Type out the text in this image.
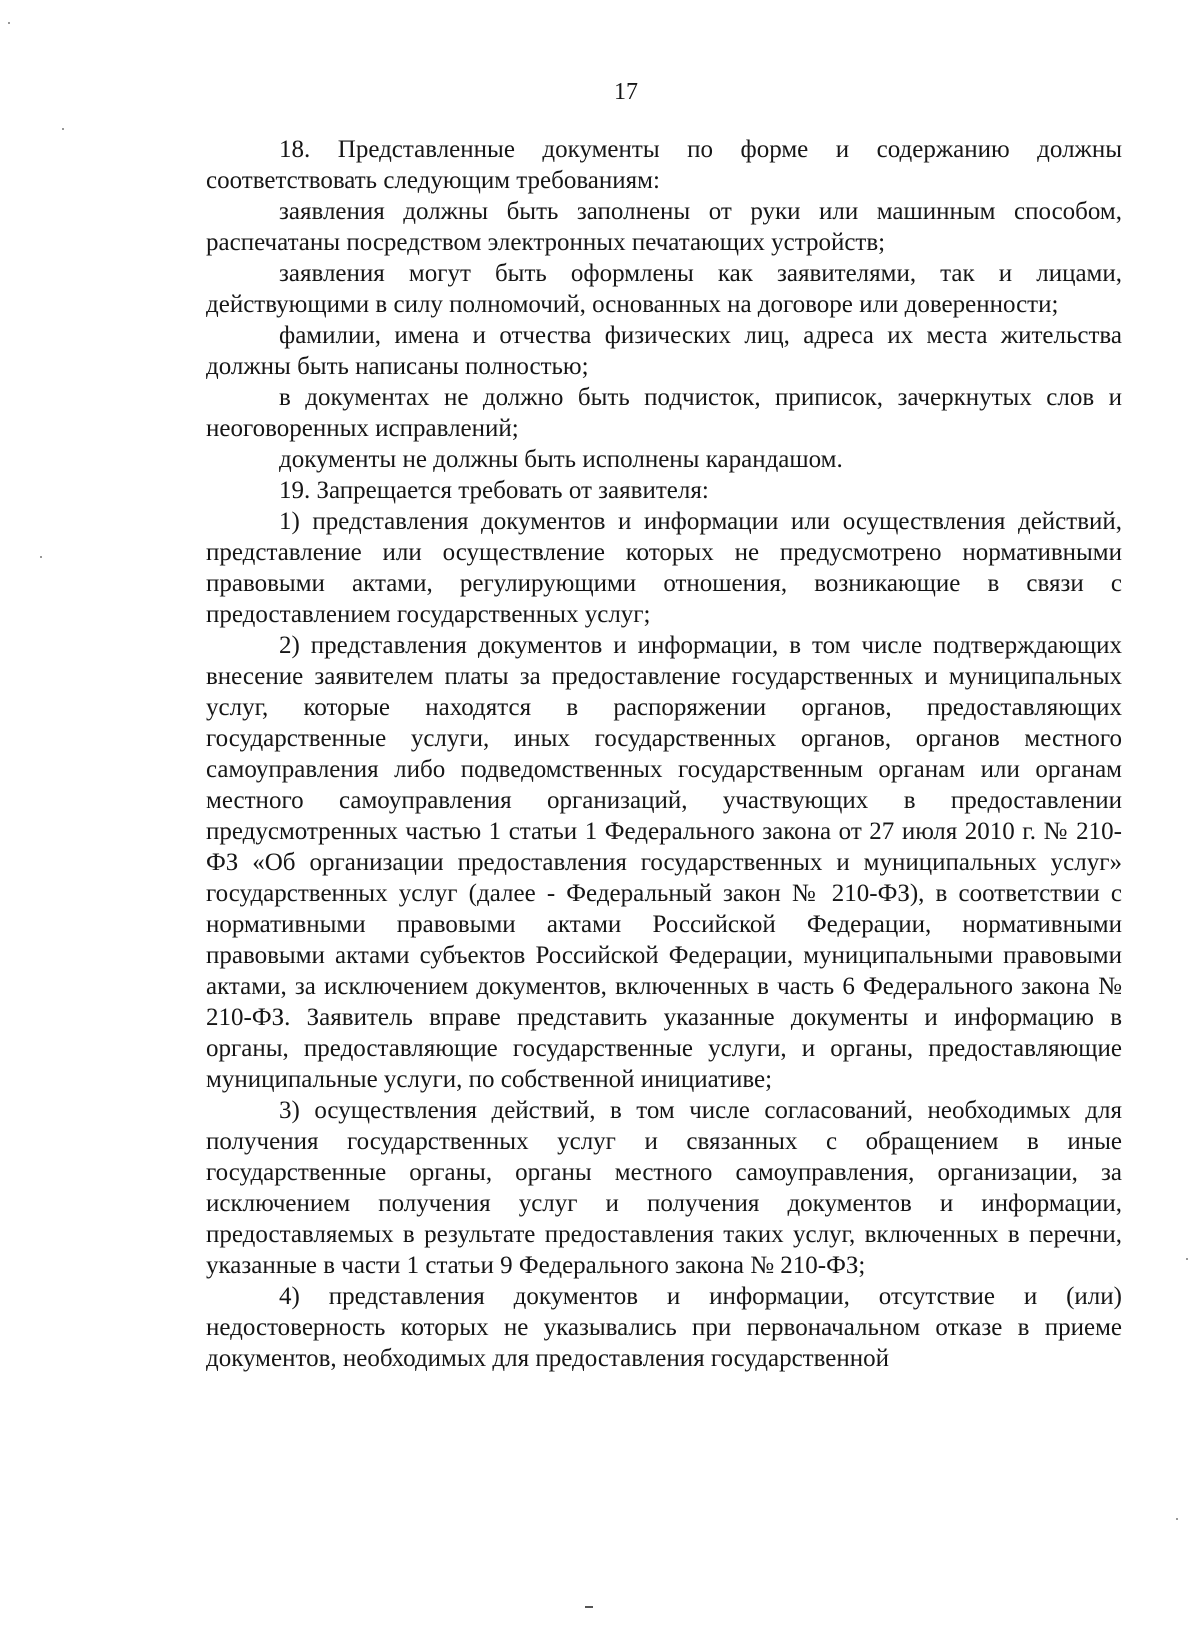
17

18. Представленные документы по форме и содержанию должны соответствовать следующим требованиям:

заявления должны быть заполнены от руки или машинным способом, распечатаны посредством электронных печатающих устройств;

заявления могут быть оформлены как заявителями, так и лицами, действующими в силу полномочий, основанных на договоре или доверенности;

фамилии, имена и отчества физических лиц, адреса их места жительства должны быть написаны полностью;

в документах не должно быть подчисток, приписок, зачеркнутых слов и неоговоренных исправлений;

документы не должны быть исполнены карандашом.

19. Запрещается требовать от заявителя:

1) представления документов и информации или осуществления действий, представление или осуществление которых не предусмотрено нормативными правовыми актами, регулирующими отношения, возникающие в связи с предоставлением государственных услуг;

2) представления документов и информации, в том числе подтверждающих внесение заявителем платы за предоставление государственных и муниципальных услуг, которые находятся в распоряжении органов, предоставляющих государственные услуги, иных государственных органов, органов местного самоуправления либо подведомственных государственным органам или органам местного самоуправления организаций, участвующих в предоставлении предусмотренных частью 1 статьи 1 Федерального закона от 27 июля 2010 г. № 210-ФЗ «Об организации предоставления государственных и муниципальных услуг» государственных услуг (далее - Федеральный закон № 210-ФЗ), в соответствии с нормативными правовыми актами Российской Федерации, нормативными правовыми актами субъектов Российской Федерации, муниципальными правовыми актами, за исключением документов, включенных в часть 6 Федерального закона № 210-ФЗ. Заявитель вправе представить указанные документы и информацию в органы, предоставляющие государственные услуги, и органы, предоставляющие муниципальные услуги, по собственной инициативе;

3) осуществления действий, в том числе согласований, необходимых для получения государственных услуг и связанных с обращением в иные государственные органы, органы местного самоуправления, организации, за исключением получения услуг и получения документов и информации, предоставляемых в результате предоставления таких услуг, включенных в перечни, указанные в части 1 статьи 9 Федерального закона № 210-ФЗ;

4) представления документов и информации, отсутствие и (или) недостоверность которых не указывались при первоначальном отказе в приеме документов, необходимых для предоставления государственной
